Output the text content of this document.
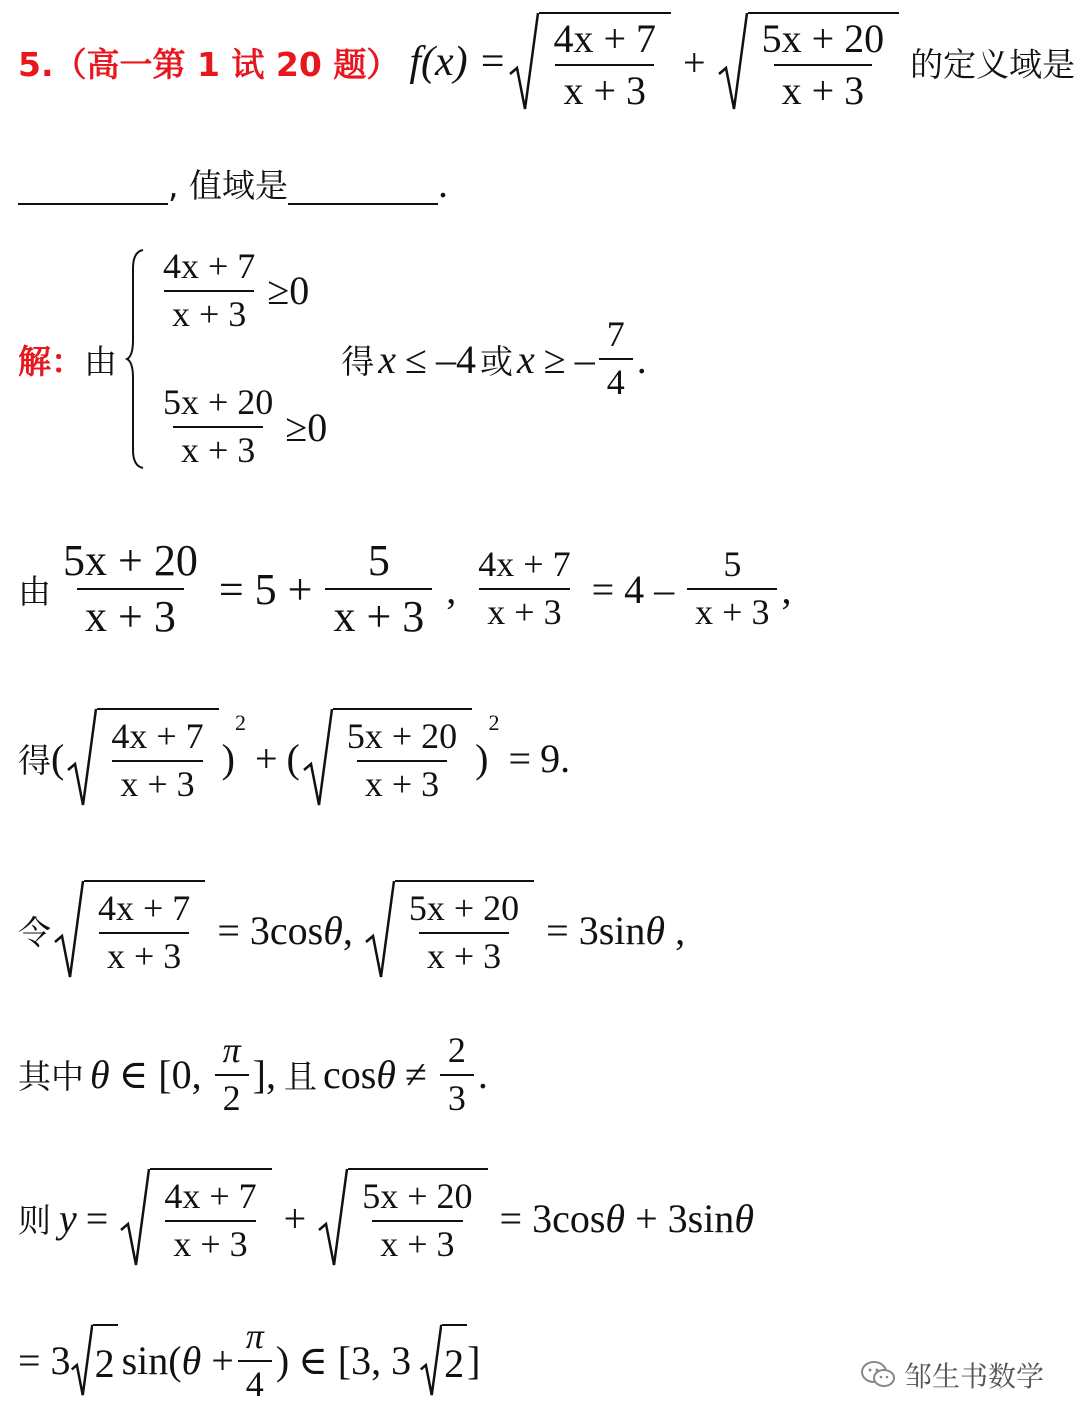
5.（高一第 1 试 20 题） $f(x) = \frac{4x + 7}{x + 3} + \frac{5x + 20}{x + 3}$ 的定义域是
, 值域是	.
解： 由
$\frac{4x + 7}{x + 3} \ge 0$
$\frac{5x + 20}{x + 3} \ge 0$
得 x ≤ –4 或 x ≥ – $\frac{7}{4}$ .
由 $\frac{5x + 20}{x + 3} = 5 + \frac{5}{x + 3}$ , $\frac{4x + 7}{x + 3} = 4 - \frac{5}{x + 3}$ ,
得 ( $\frac{4x + 7}{x + 3}$ )
2
+ ( $\frac{5x + 20}{x + 3}$ )
2
= 9 .
令 $\frac{4x + 7}{x + 3} = 3\cos\theta$, $\frac{5x + 20}{x + 3} = 3\sin\theta$ ,
其中 θ ∈ [0, $\frac{\pi}{2}$ ], 且 $\cos\theta \ne \frac{2}{3}$ .
则 $y = \frac{4x + 7}{x + 3} + \frac{5x + 20}{x + 3} = 3\cos\theta + 3\sin\theta$
= 3 2 $\sin(\theta + \frac{\pi}{4}$ ) ∈ [3, 3 2 ]	邹生书数学
